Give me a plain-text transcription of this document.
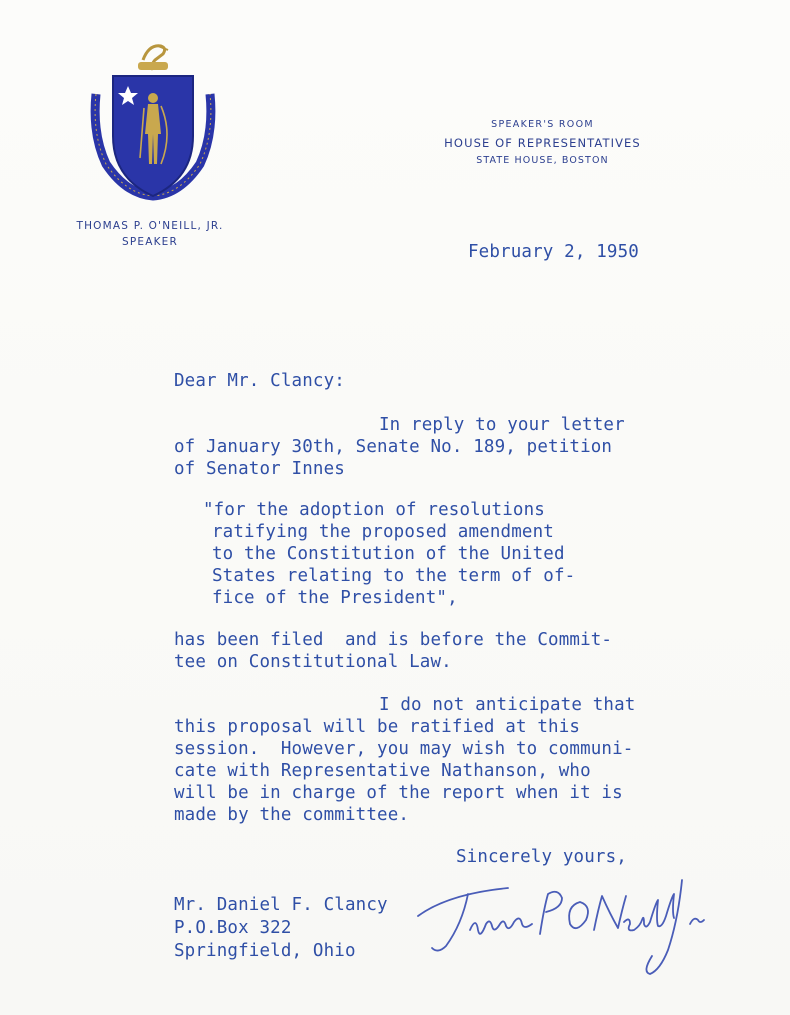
THOMAS P. O'NEILL, JR.
SPEAKER
SPEAKER'S ROOM
HOUSE OF REPRESENTATIVES
STATE HOUSE, BOSTON
February 2, 1950
Dear Mr. Clancy:
In reply to your letter
of January 30th, Senate No. 189, petition
of Senator Innes
"for the adoption of resolutions
ratifying the proposed amendment
to the Constitution of the United
States relating to the term of of-
fice of the President",
has been filed  and is before the Commit-
tee on Constitutional Law.
I do not anticipate that
this proposal will be ratified at this
session.  However, you may wish to communi-
cate with Representative Nathanson, who
will be in charge of the report when it is
made by the committee.
Sincerely yours,
Mr. Daniel F. Clancy
P.O.Box 322
Springfield, Ohio
